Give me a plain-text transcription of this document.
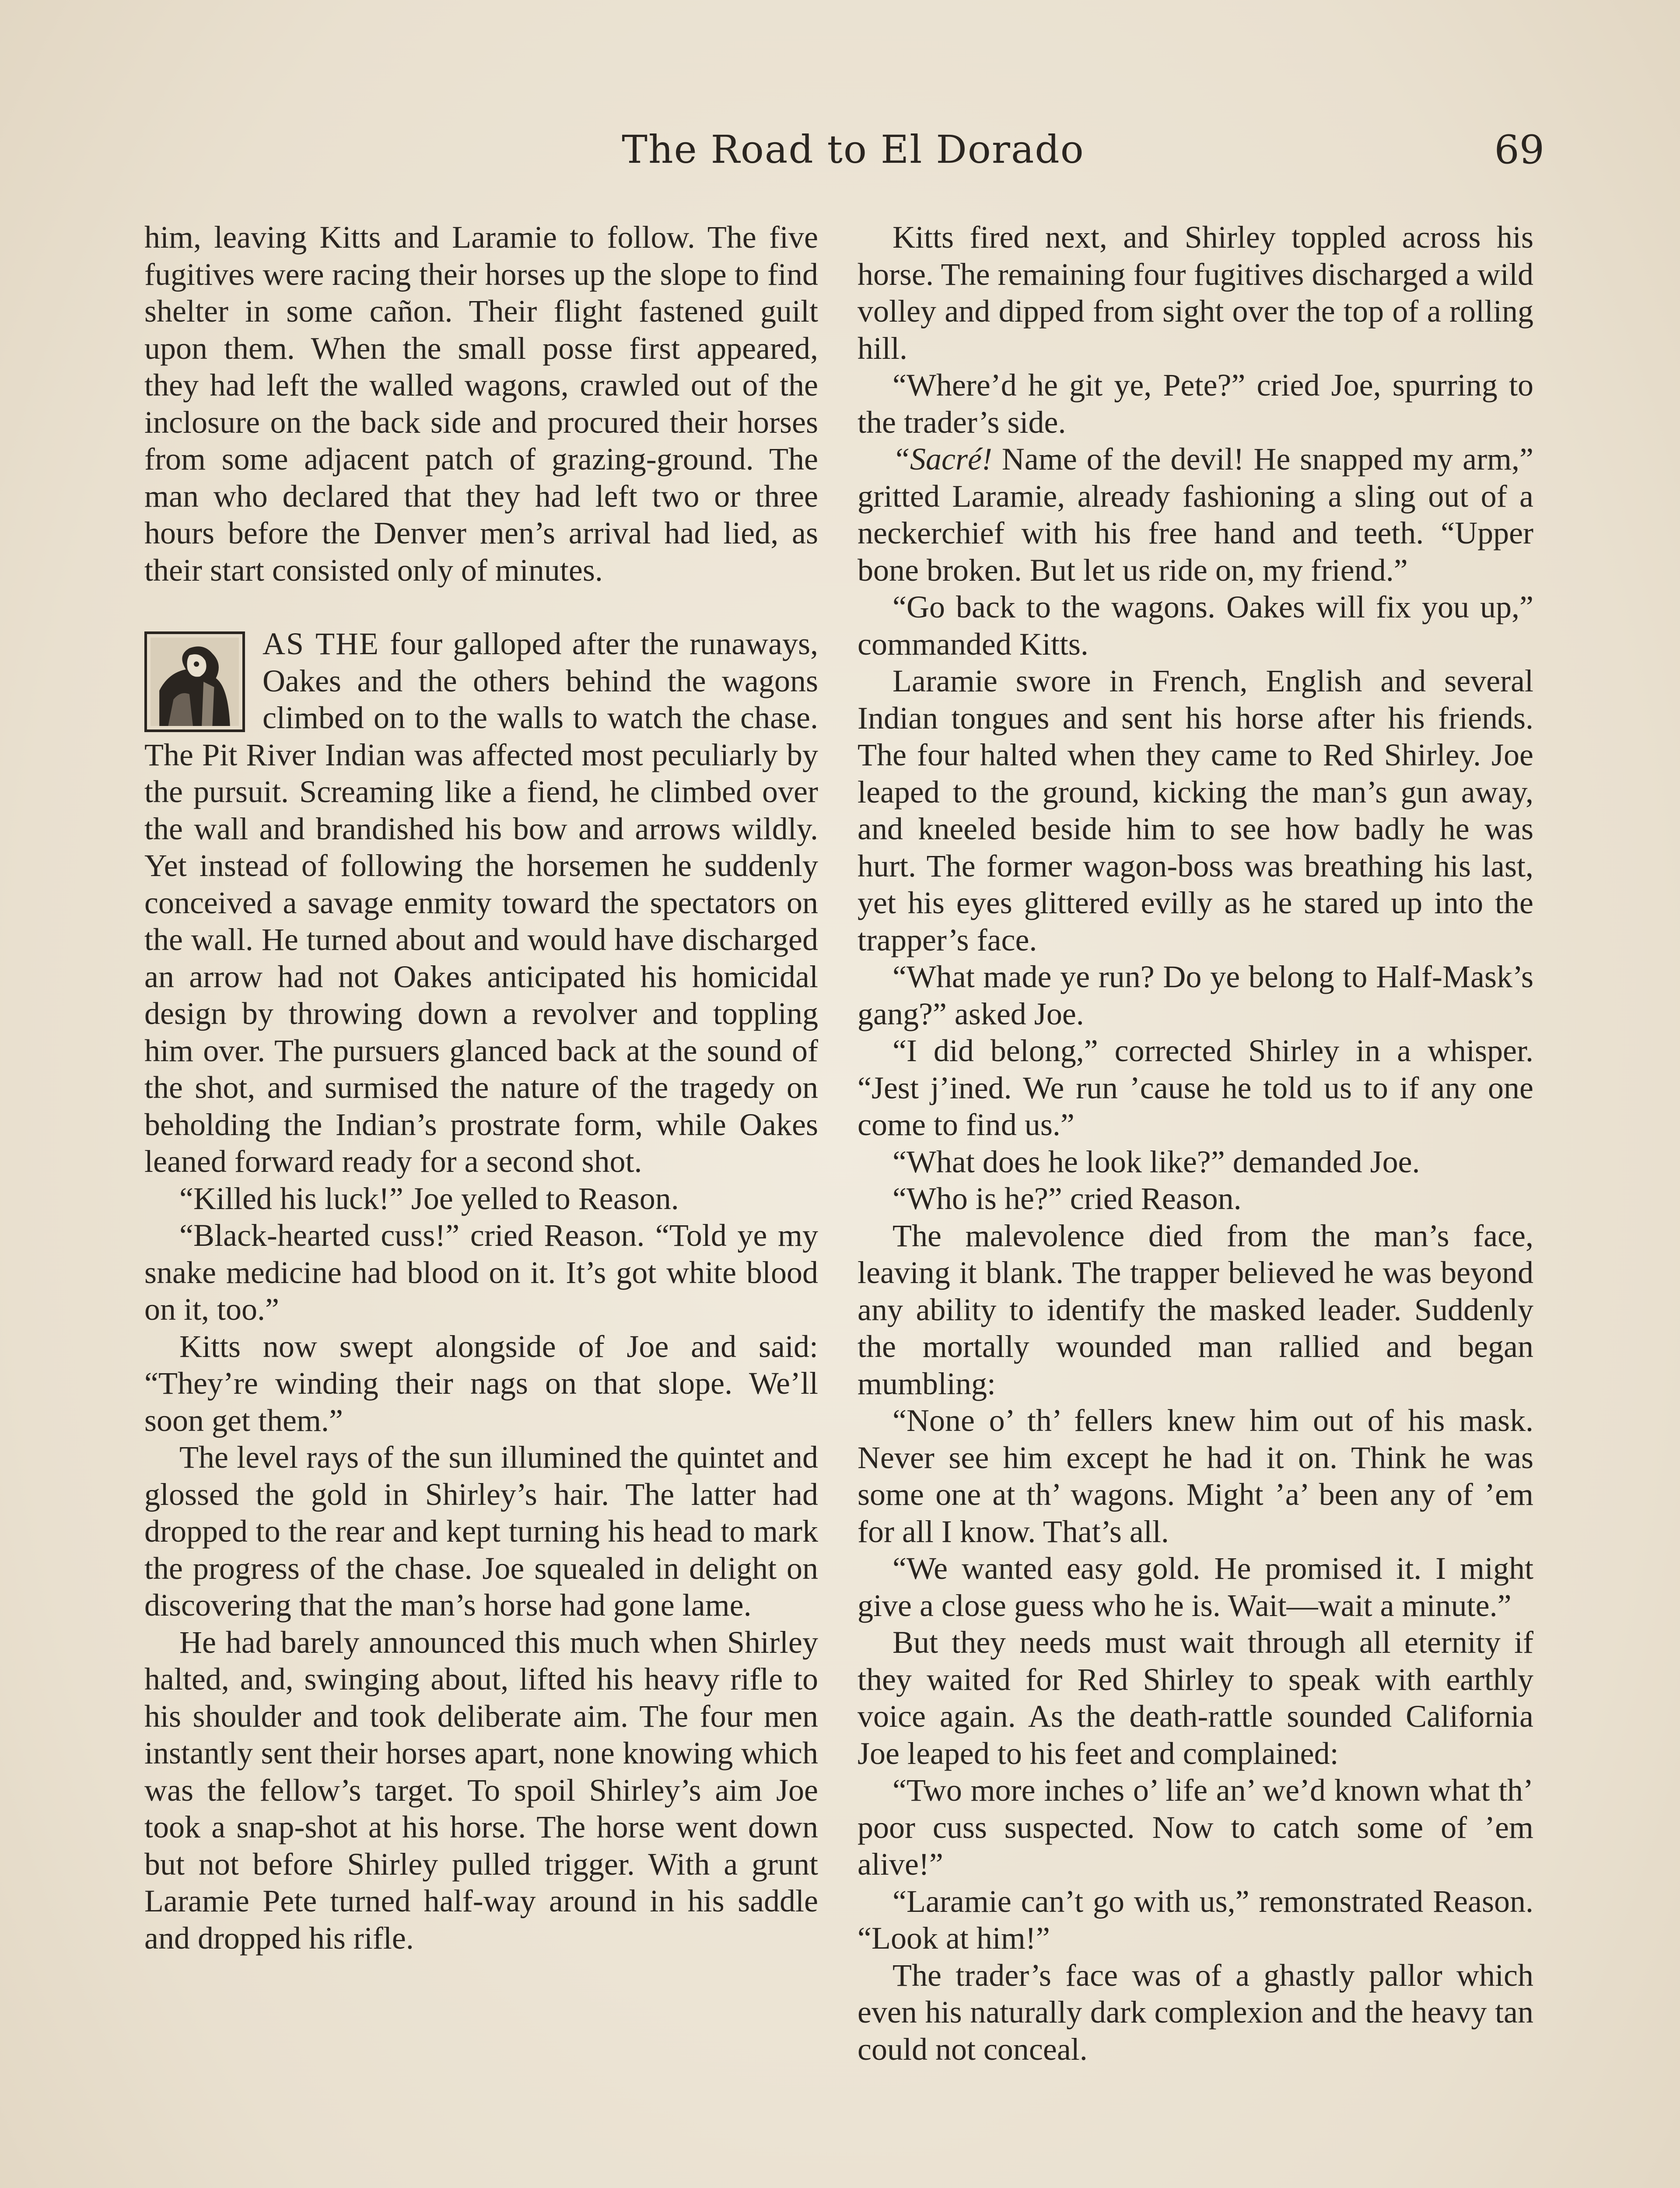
The Road to El Dorado	69

him, leaving Kitts and Laramie to follow. The five fugitives were racing their horses up the slope to find shelter in some cañon. Their flight fastened guilt upon them. When the small posse first appeared, they had left the walled wagons, crawled out of the inclosure on the back side and procured their horses from some adjacent patch of grazing-ground. The man who declared that they had left two or three hours before the Denver men’s arrival had lied, as their start consisted only of minutes.

AS THE four galloped after the runaways, Oakes and the others behind the wagons climbed on to the walls to watch the chase. The Pit River Indian was affected most peculiarly by the pursuit. Screaming like a fiend, he climbed over the wall and brandished his bow and arrows wildly. Yet instead of following the horsemen he suddenly conceived a savage enmity toward the spectators on the wall. He turned about and would have discharged an arrow had not Oakes anticipated his homicidal design by throwing down a revolver and toppling him over. The pursuers glanced back at the sound of the shot, and surmised the nature of the tragedy on beholding the Indian’s prostrate form, while Oakes leaned forward ready for a second shot.

“Killed his luck!” Joe yelled to Reason.

“Black-hearted cuss!” cried Reason. “Told ye my snake medicine had blood on it. It’s got white blood on it, too.”

Kitts now swept alongside of Joe and said: “They’re winding their nags on that slope. We’ll soon get them.”

The level rays of the sun illumined the quintet and glossed the gold in Shirley’s hair. The latter had dropped to the rear and kept turning his head to mark the progress of the chase. Joe squealed in delight on discovering that the man’s horse had gone lame.

He had barely announced this much when Shirley halted, and, swinging about, lifted his heavy rifle to his shoulder and took deliberate aim. The four men instantly sent their horses apart, none knowing which was the fellow’s target. To spoil Shirley’s aim Joe took a snap-shot at his horse. The horse went down but not before Shirley pulled trigger. With a grunt Laramie Pete turned half-way around in his saddle and dropped his rifle.

Kitts fired next, and Shirley toppled across his horse. The remaining four fugitives discharged a wild volley and dipped from sight over the top of a rolling hill.

“Where’d he git ye, Pete?” cried Joe, spurring to the trader’s side.

“Sacré! Name of the devil! He snapped my arm,” gritted Laramie, already fashioning a sling out of a neckerchief with his free hand and teeth. “Upper bone broken. But let us ride on, my friend.”

“Go back to the wagons. Oakes will fix you up,” commanded Kitts.

Laramie swore in French, English and several Indian tongues and sent his horse after his friends. The four halted when they came to Red Shirley. Joe leaped to the ground, kicking the man’s gun away, and kneeled beside him to see how badly he was hurt. The former wagon-boss was breathing his last, yet his eyes glittered evilly as he stared up into the trapper’s face.

“What made ye run? Do ye belong to Half-Mask’s gang?” asked Joe.

“I did belong,” corrected Shirley in a whisper. “Jest j’ined. We run ’cause he told us to if any one come to find us.”

“What does he look like?” demanded Joe.

“Who is he?” cried Reason.

The malevolence died from the man’s face, leaving it blank. The trapper believed he was beyond any ability to identify the masked leader. Suddenly the mortally wounded man rallied and began mumbling:

“None o’ th’ fellers knew him out of his mask. Never see him except he had it on. Think he was some one at th’ wagons. Might ’a’ been any of ’em for all I know. That’s all.

“We wanted easy gold. He promised it. I might give a close guess who he is. Wait—wait a minute.”

But they needs must wait through all eternity if they waited for Red Shirley to speak with earthly voice again. As the death-rattle sounded California Joe leaped to his feet and complained:

“Two more inches o’ life an’ we’d known what th’ poor cuss suspected. Now to catch some of ’em alive!”

“Laramie can’t go with us,” remonstrated Reason. “Look at him!”

The trader’s face was of a ghastly pallor which even his naturally dark complexion and the heavy tan could not conceal.
